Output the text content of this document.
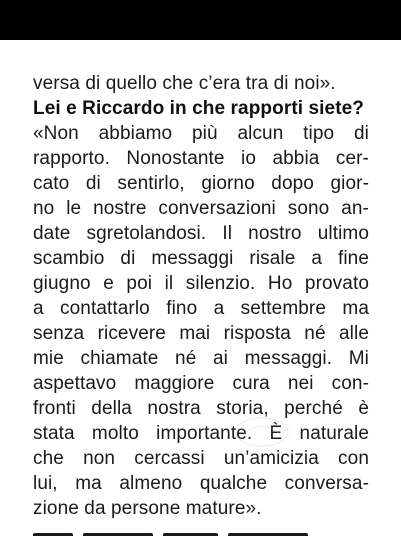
versa di quello che c’era tra di noi».
Lei e Riccardo in che rapporti siete?
«Non abbiamo più alcun tipo di
rapporto. Nonostante io abbia cer-
cato di sentirlo, giorno dopo gior-
no le nostre conversazioni sono an-
date sgretolandosi. Il nostro ultimo
scambio di messaggi risale a fine
giugno e poi il silenzio. Ho provato
a contattarlo fino a settembre ma
senza ricevere mai risposta né alle
mie chiamate né ai messaggi. Mi
aspettavo maggiore cura nei con-
fronti della nostra storia, perché è
stata molto importante. È naturale
che non cercassi un’amicizia con
lui, ma almeno qualche conversa-
zione da persone mature».
